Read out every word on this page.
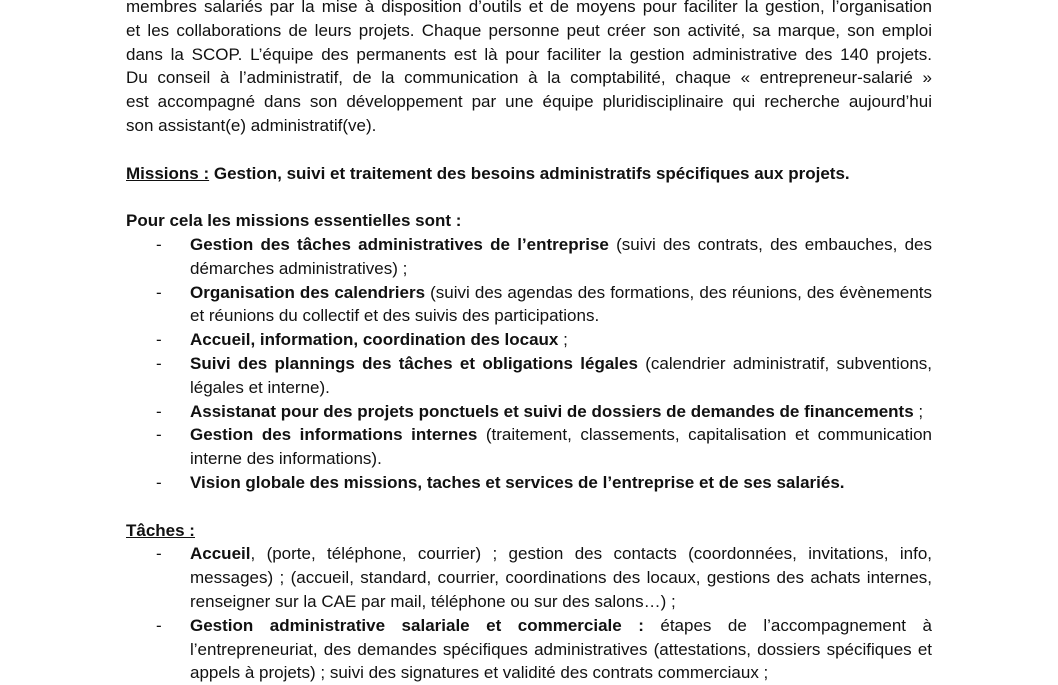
membres salariés par la mise à disposition d’outils et de moyens pour faciliter la gestion, l’organisation
et les collaborations de leurs projets. Chaque personne peut créer son activité, sa marque, son emploi
dans la SCOP. L’équipe des permanents est là pour faciliter la gestion administrative des 140 projets.
Du conseil à l’administratif, de la communication à la comptabilité, chaque « entrepreneur-salarié »
est accompagné dans son développement par une équipe pluridisciplinaire qui recherche aujourd’hui
son assistant(e) administratif(ve).
Missions : Gestion, suivi et traitement des besoins administratifs spécifiques aux projets.
Pour cela les missions essentielles sont :
- Gestion des tâches administratives de l’entreprise (suivi des contrats, des embauches, des démarches administratives) ;
- Organisation des calendriers (suivi des agendas des formations, des réunions, des évènements et réunions du collectif et des suivis des participations.
- Accueil, information, coordination des locaux ;
- Suivi des plannings des tâches et obligations légales (calendrier administratif, subventions, légales et interne).
- Assistanat pour des projets ponctuels et suivi de dossiers de demandes de financements ;
- Gestion des informations internes (traitement, classements, capitalisation et communication interne des informations).
- Vision globale des missions, taches et services de l’entreprise et de ses salariés.
Tâches :
- Accueil, (porte, téléphone, courrier) ; gestion des contacts (coordonnées, invitations, info, messages) ; (accueil, standard, courrier, coordinations des locaux, gestions des achats internes, renseigner sur la CAE par mail, téléphone ou sur des salons…) ;
- Gestion administrative salariale et commerciale : étapes de l’accompagnement à l’entrepreneuriat, des demandes spécifiques administratives (attestations, dossiers spécifiques et appels à projets) ; suivi des signatures et validité des contrats commerciaux ;
